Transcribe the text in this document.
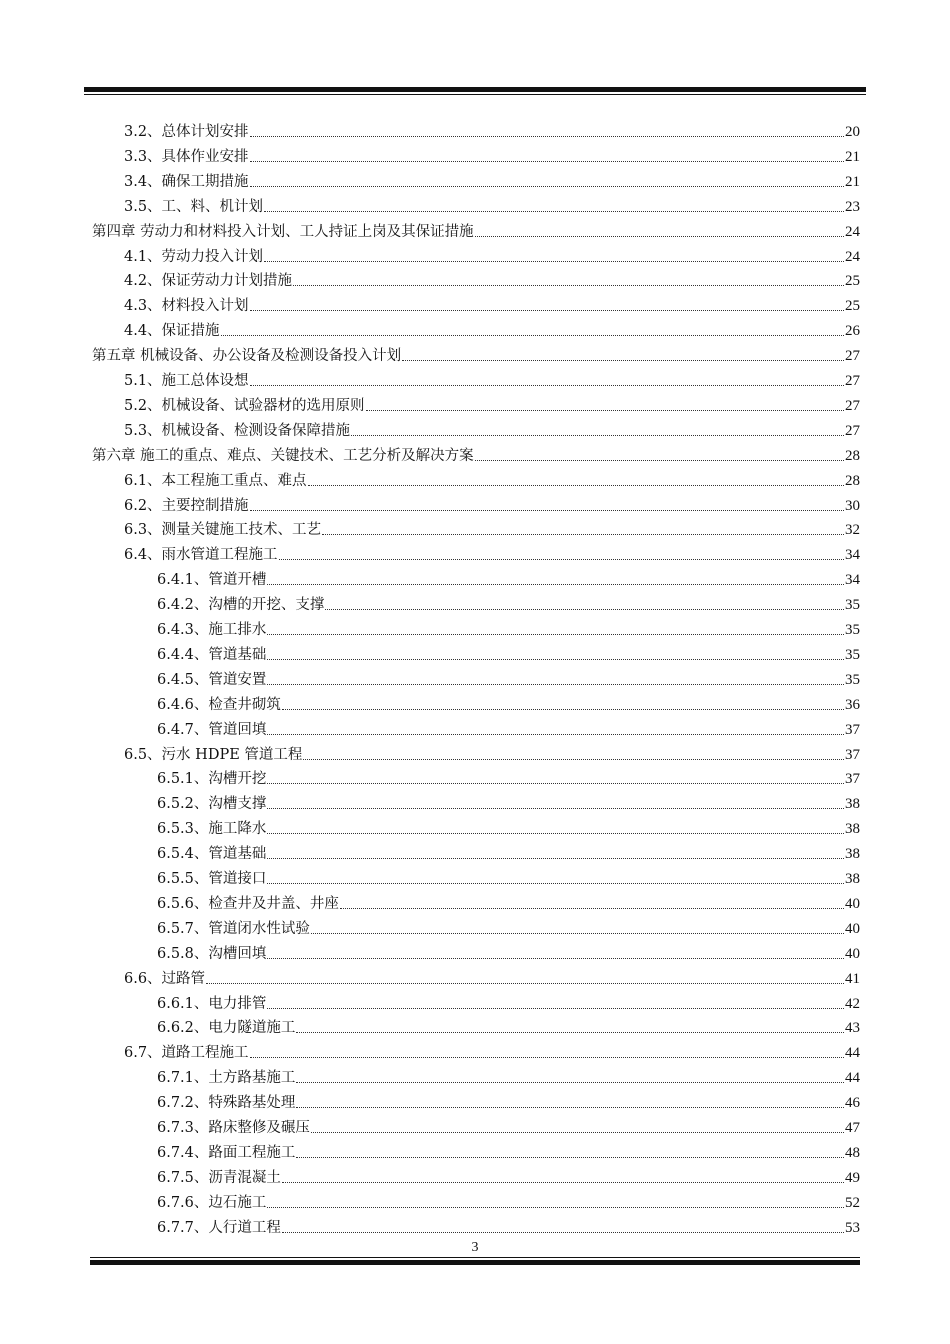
3.2、总体计划安排	20
3.3、具体作业安排	21
3.4、确保工期措施	21
3.5、工、料、机计划	23
第四章 劳动力和材料投入计划、工人持证上岗及其保证措施	24
4.1、劳动力投入计划	24
4.2、保证劳动力计划措施	25
4.3、材料投入计划	25
4.4、保证措施	26
第五章 机械设备、办公设备及检测设备投入计划	27
5.1、施工总体设想	27
5.2、机械设备、试验器材的选用原则	27
5.3、机械设备、检测设备保障措施	27
第六章 施工的重点、难点、关键技术、工艺分析及解决方案	28
6.1、本工程施工重点、难点	28
6.2、主要控制措施	30
6.3、测量关键施工技术、工艺	32
6.4、雨水管道工程施工	34
6.4.1、管道开槽	34
6.4.2、沟槽的开挖、支撑	35
6.4.3、施工排水	35
6.4.4、管道基础	35
6.4.5、管道安置	35
6.4.6、检查井砌筑	36
6.4.7、管道回填	37
6.5、污水 HDPE 管道工程	37
6.5.1、沟槽开挖	37
6.5.2、沟槽支撑	38
6.5.3、施工降水	38
6.5.4、管道基础	38
6.5.5、管道接口	38
6.5.6、检查井及井盖、井座	40
6.5.7、管道闭水性试验	40
6.5.8、沟槽回填	40
6.6、过路管	41
6.6.1、电力排管	42
6.6.2、电力隧道施工	43
6.7、道路工程施工	44
6.7.1、土方路基施工	44
6.7.2、特殊路基处理	46
6.7.3、路床整修及碾压	47
6.7.4、路面工程施工	48
6.7.5、沥青混凝土	49
6.7.6、边石施工	52
6.7.7、人行道工程	53
3
